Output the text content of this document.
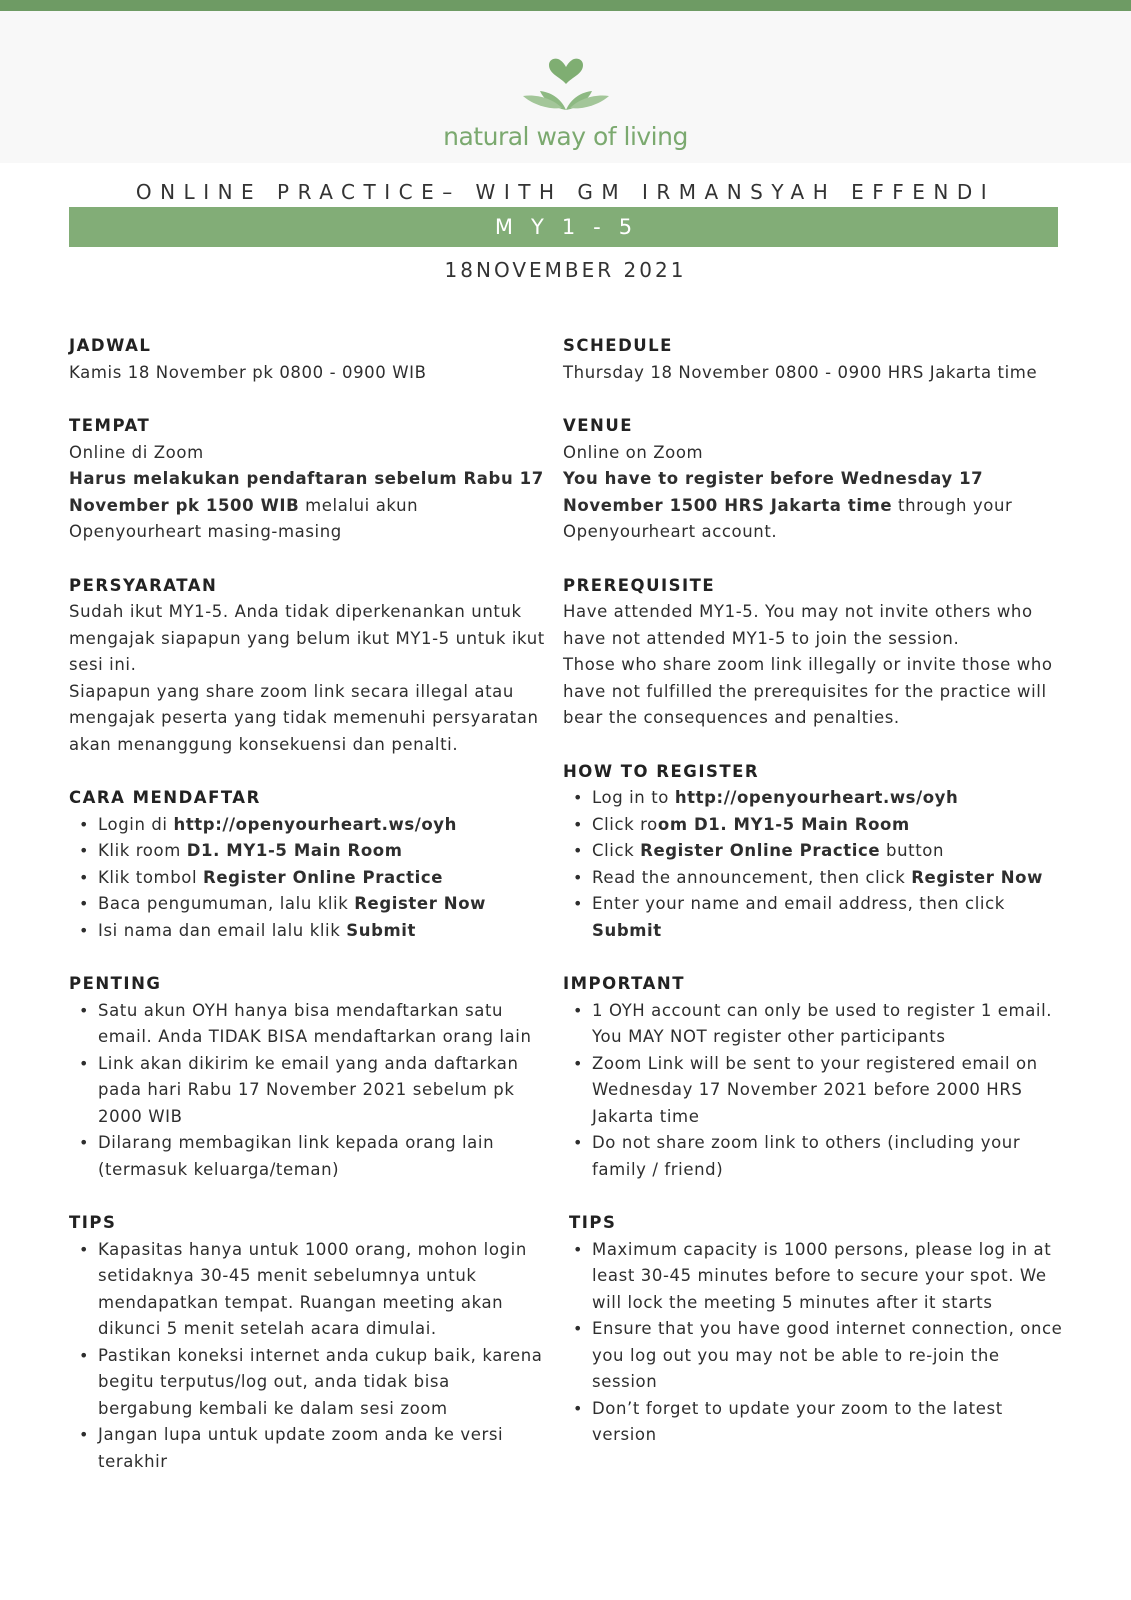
natural way of living
ONLINE PRACTICE– WITH GM IRMANSYAH EFFENDI
MY1-5
18NOVEMBER 2021
JADWAL

Kamis 18 November pk 0800 - 0900 WIB

TEMPAT

Online di Zoom

Harus melakukan pendaftaran sebelum Rabu 17 November pk 1500 WIB melalui akun Openyourheart masing-masing

PERSYARATAN

Sudah ikut MY1-5. Anda tidak diperkenankan untuk mengajak siapapun yang belum ikut MY1-5 untuk ikut sesi ini.

Siapapun yang share zoom link secara illegal atau mengajak peserta yang tidak memenuhi persyaratan akan menanggung konsekuensi dan penalti.

CARA MENDAFTAR
• Login di http://openyourheart.ws/oyh
• Klik room D1. MY1-5 Main Room
• Klik tombol Register Online Practice
• Baca pengumuman, lalu klik Register Now
• Isi nama dan email lalu klik Submit
PENTING
• Satu akun OYH hanya bisa mendaftarkan satu email. Anda TIDAK BISA mendaftarkan orang lain
• Link akan dikirim ke email yang anda daftarkan pada hari Rabu 17 November 2021 sebelum pk 2000 WIB
• Dilarang membagikan link kepada orang lain (termasuk keluarga/teman)
TIPS
• Kapasitas hanya untuk 1000 orang, mohon login setidaknya 30-45 menit sebelumnya untuk mendapatkan tempat. Ruangan meeting akan dikunci 5 menit setelah acara dimulai.
• Pastikan koneksi internet anda cukup baik, karena begitu terputus/log out, anda tidak bisa bergabung kembali ke dalam sesi zoom
• Jangan lupa untuk update zoom anda ke versi terakhir
SCHEDULE

Thursday 18 November 0800 - 0900 HRS Jakarta time

VENUE

Online on Zoom

You have to register before Wednesday 17 November 1500 HRS Jakarta time through your Openyourheart account.

PREREQUISITE

Have attended MY1-5. You may not invite others who have not attended MY1-5 to join the session.

Those who share zoom link illegally or invite those who have not fulfilled the prerequisites for the practice will bear the consequences and penalties.

HOW TO REGISTER
• Log in to http://openyourheart.ws/oyh
• Click room D1. MY1-5 Main Room
• Click Register Online Practice button
• Read the announcement, then click Register Now
• Enter your name and email address, then click Submit
IMPORTANT
• 1 OYH account can only be used to register 1 email. You MAY NOT register other participants
• Zoom Link will be sent to your registered email on Wednesday 17 November 2021 before 2000 HRS Jakarta time
• Do not share zoom link to others (including your family / friend)
TIPS
• Maximum capacity is 1000 persons, please log in at least 30-45 minutes before to secure your spot. We will lock the meeting 5 minutes after it starts
• Ensure that you have good internet connection, once you log out you may not be able to re-join the session
• Don’t forget to update your zoom to the latest version
